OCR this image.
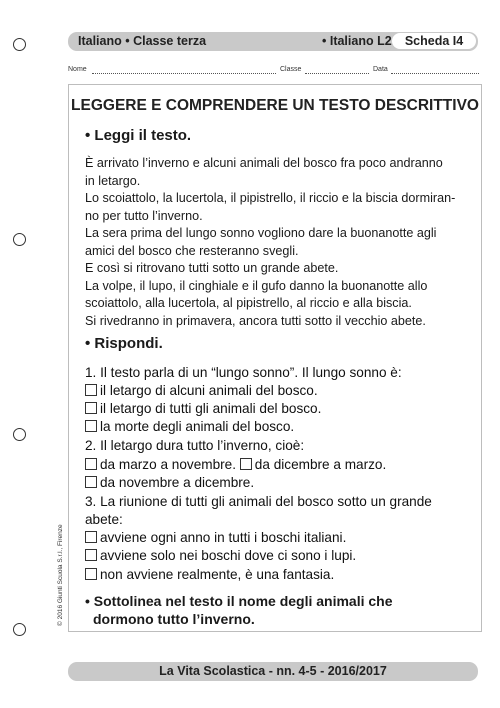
Italiano • Classe terza	• Italiano L2	Scheda I4
Nome	Classe	Data
LEGGERE E COMPRENDERE UN TESTO DESCRITTIVO
• Leggi il testo.
È arrivato l’inverno e alcuni animali del bosco fra poco andranno
in letargo.
Lo scoiattolo, la lucertola, il pipistrello, il riccio e la biscia dormiran-
no per tutto l’inverno.
La sera prima del lungo sonno vogliono dare la buonanotte agli
amici del bosco che resteranno svegli.
E così si ritrovano tutti sotto un grande abete.
La volpe, il lupo, il cinghiale e il gufo danno la buonanotte allo
scoiattolo, alla lucertola, al pipistrello, al riccio e alla biscia.
Si rivedranno in primavera, ancora tutti sotto il vecchio abete.
• Rispondi.
1. Il testo parla di un “lungo sonno”. Il lungo sonno è:
il letargo di alcuni animali del bosco.
il letargo di tutti gli animali del bosco.
la morte degli animali del bosco.
2. Il letargo dura tutto l’inverno, cioè:
da marzo a novembre. da dicembre a marzo.
da novembre a dicembre.
3. La riunione di tutti gli animali del bosco sotto un grande
abete:
avviene ogni anno in tutti i boschi italiani.
avviene solo nei boschi dove ci sono i lupi.
non avviene realmente, è una fantasia.
• Sottolinea nel testo il nome degli animali che
dormono tutto l’inverno.
© 2016 Giunti Scuola S.r.l., Firenze
La Vita Scolastica - nn. 4-5 - 2016/2017
